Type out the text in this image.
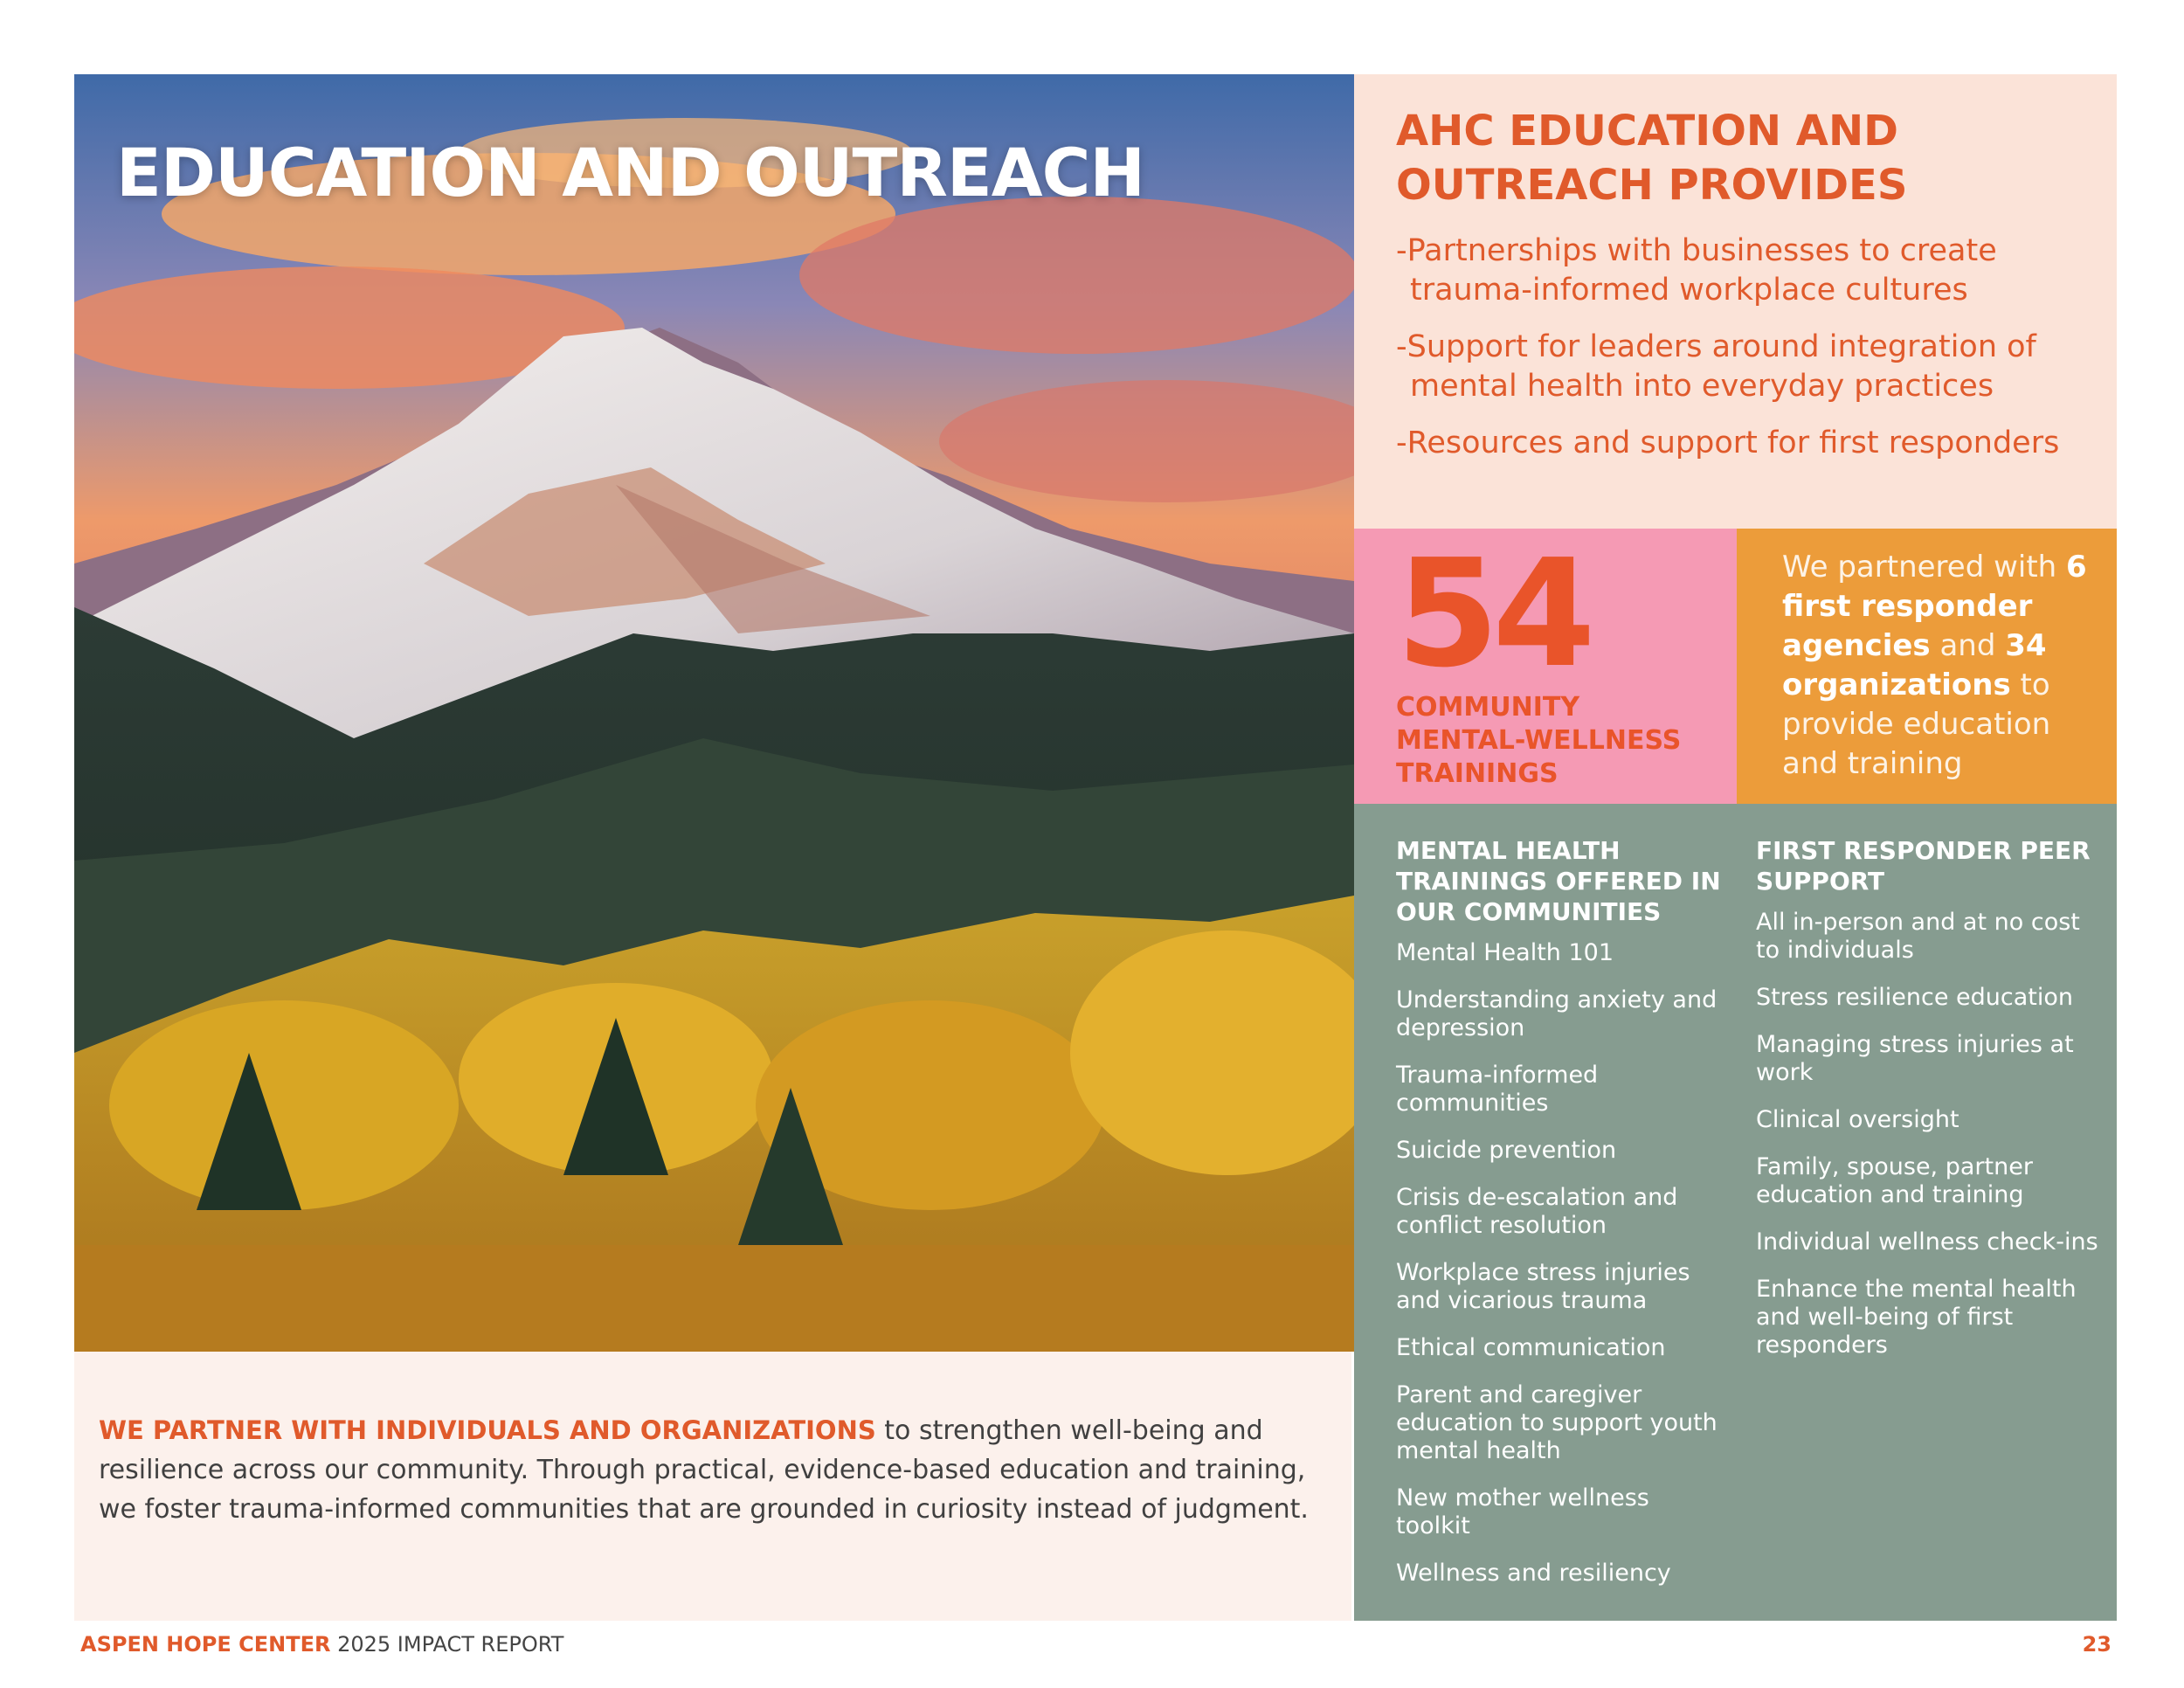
EDUCATION AND OUTREACH

WE PARTNER WITH INDIVIDUALS AND ORGANIZATIONS to strengthen well-being and resilience across our community. Through practical, evidence-based education and training, we foster trauma-informed communities that are grounded in curiosity instead of judgment.

AHC EDUCATION AND OUTREACH PROVIDES
-Partnerships with businesses to create trauma-informed workplace cultures
-Support for leaders around integration of mental health into everyday practices
-Resources and support for first responders
54
COMMUNITY MENTAL-WELLNESS TRAININGS
We partnered with 6 first responder agencies and 34 organizations to provide education and training
MENTAL HEALTH TRAININGS OFFERED IN OUR COMMUNITIES
Mental Health 101
Understanding anxiety and depression
Trauma-informed communities
Suicide prevention
Crisis de-escalation and conflict resolution
Workplace stress injuries and vicarious trauma
Ethical communication
Parent and caregiver education to support youth mental health
New mother wellness toolkit
Wellness and resiliency
FIRST RESPONDER PEER SUPPORT
All in-person and at no cost to individuals
Stress resilience education
Managing stress injuries at work
Clinical oversight
Family, spouse, partner education and training
Individual wellness check-ins
Enhance the mental health and well-being of first responders
ASPEN HOPE CENTER 2025 IMPACT REPORT	23
